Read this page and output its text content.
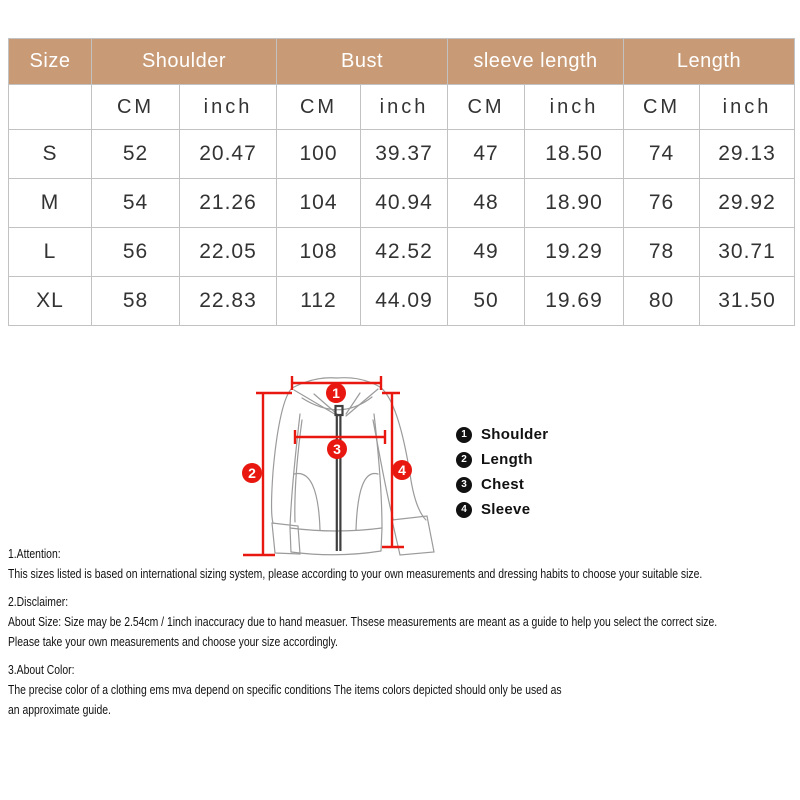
Size	Shoulder		Bust		sleeve length		Length	
	CM	inch	CM	inch	CM	inch	CM	inch
S	52	20.47	100	39.37	47	18.50	74	29.13
M	54	21.26	104	40.94	48	18.90	76	29.92
L	56	22.05	108	42.52	49	19.29	78	30.71
XL	58	22.83	112	44.09	50	19.69	80	31.50
1
2
3
4
1 Shoulder
2 Length
3 Chest
4 Sleeve
1.Attention:
This sizes listed is based on international sizing system, please according to your own measurements and dressing habits to choose your suitable size.
2.Disclaimer:
About Size: Size may be 2.54cm / 1inch inaccuracy due to hand measuer. Thsese measurements are meant as a guide to help you select the correct size.
Please take your own measurements and choose your size accordingly.
3.About Color:
The precise color of a clothing ems mva depend on specific conditions The items colors depicted should only be used as
an approximate guide.
